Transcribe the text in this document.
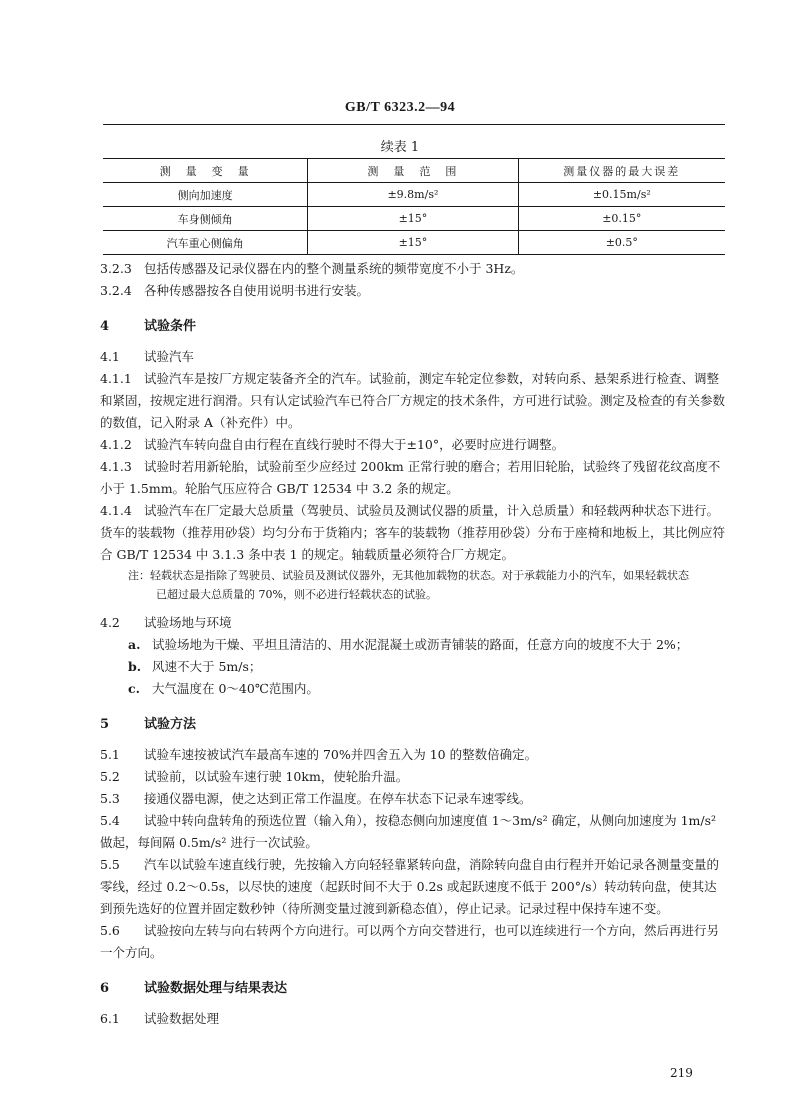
GB/T 6323.2—94
续表 1
测　量　变　量	测　量　范　围	测量仪器的最大误差
侧向加速度	±9.8m/s²	±0.15m/s²
车身侧倾角	±15°	±0.15°
汽车重心侧偏角	±15°	±0.5°

3.2.3 包括传感器及记录仪器在内的整个测量系统的频带宽度不小于 3Hz。

3.2.4 各种传感器按各自使用说明书进行安装。

4	试验条件

4.1 试验汽车

4.1.1 试验汽车是按厂方规定装备齐全的汽车。试验前，测定车轮定位参数，对转向系、悬架系进行检查、调整和紧固，按规定进行润滑。只有认定试验汽车已符合厂方规定的技术条件，方可进行试验。测定及检查的有关参数的数值，记入附录 A（补充件）中。

4.1.2 试验汽车转向盘自由行程在直线行驶时不得大于±10°，必要时应进行调整。

4.1.3 试验时若用新轮胎，试验前至少应经过 200km 正常行驶的磨合；若用旧轮胎，试验终了残留花纹高度不小于 1.5mm。轮胎气压应符合 GB/T 12534 中 3.2 条的规定。

4.1.4 试验汽车在厂定最大总质量（驾驶员、试验员及测试仪器的质量，计入总质量）和轻载两种状态下进行。货车的装载物（推荐用砂袋）均匀分布于货箱内；客车的装载物（推荐用砂袋）分布于座椅和地板上，其比例应符合 GB/T 12534 中 3.1.3 条中表 1 的规定。轴载质量必须符合厂方规定。

注：轻载状态是指除了驾驶员、试验员及测试仪器外，无其他加载物的状态。对于承载能力小的汽车，如果轻载状态
已超过最大总质量的 70%，则不必进行轻载状态的试验。

4.2 试验场地与环境

a. 试验场地为干燥、平坦且清洁的、用水泥混凝土或沥青铺装的路面，任意方向的坡度不大于 2%；

b. 风速不大于 5m/s；

c. 大气温度在 0～40℃范围内。

5	试验方法

5.1 试验车速按被试汽车最高车速的 70%并四舍五入为 10 的整数倍确定。

5.2 试验前，以试验车速行驶 10km，使轮胎升温。

5.3 接通仪器电源，使之达到正常工作温度。在停车状态下记录车速零线。

5.4 试验中转向盘转角的预选位置（输入角），按稳态侧向加速度值 1～3m/s² 确定，从侧向加速度为 1m/s² 做起，每间隔 0.5m/s² 进行一次试验。

5.5 汽车以试验车速直线行驶，先按输入方向轻轻靠紧转向盘，消除转向盘自由行程并开始记录各测量变量的零线，经过 0.2～0.5s，以尽快的速度（起跃时间不大于 0.2s 或起跃速度不低于 200°/s）转动转向盘，使其达到预先选好的位置并固定数秒钟（待所测变量过渡到新稳态值），停止记录。记录过程中保持车速不变。

5.6 试验按向左转与向右转两个方向进行。可以两个方向交替进行，也可以连续进行一个方向，然后再进行另一个方向。

6	试验数据处理与结果表达

6.1 试验数据处理

219
